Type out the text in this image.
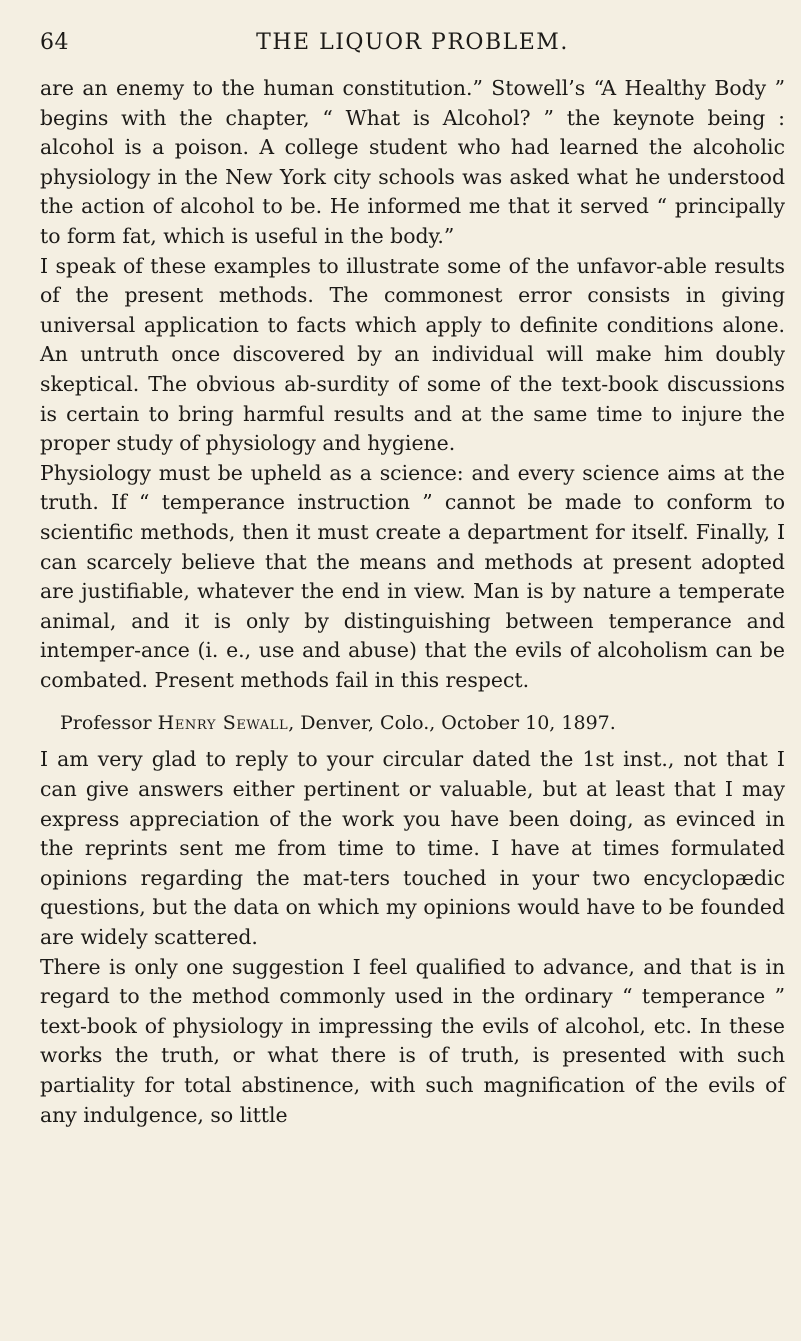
64	THE LIQUOR PROBLEM.

are an enemy to the human constitution.” Stowell’s “A Healthy Body ” begins with the chapter, “ What is Alcohol? ” the keynote being : alcohol is a poison. A college student who had learned the alcoholic physiology in the New York city schools was asked what he understood the action of alcohol to be. He informed me that it served “ principally to form fat, which is useful in the body.”

I speak of these examples to illustrate some of the unfavor-able results of the present methods. The commonest error consists in giving universal application to facts which apply to definite conditions alone. An untruth once discovered by an individual will make him doubly skeptical. The obvious ab-surdity of some of the text-book discussions is certain to bring harmful results and at the same time to injure the proper study of physiology and hygiene.

Physiology must be upheld as a science: and every science aims at the truth. If “ temperance instruction ” cannot be made to conform to scientific methods, then it must create a department for itself. Finally, I can scarcely believe that the means and methods at present adopted are justifiable, whatever the end in view. Man is by nature a temperate animal, and it is only by distinguishing between temperance and intemper-ance (i. e., use and abuse) that the evils of alcoholism can be combated. Present methods fail in this respect.

Professor Henry Sewall, Denver, Colo., October 10, 1897.

I am very glad to reply to your circular dated the 1st inst., not that I can give answers either pertinent or valuable, but at least that I may express appreciation of the work you have been doing, as evinced in the reprints sent me from time to time. I have at times formulated opinions regarding the mat-ters touched in your two encyclopædic questions, but the data on which my opinions would have to be founded are widely scattered.

There is only one suggestion I feel qualified to advance, and that is in regard to the method commonly used in the ordinary “ temperance ” text-book of physiology in impressing the evils of alcohol, etc. In these works the truth, or what there is of truth, is presented with such partiality for total abstinence, with such magnification of the evils of any indulgence, so little
